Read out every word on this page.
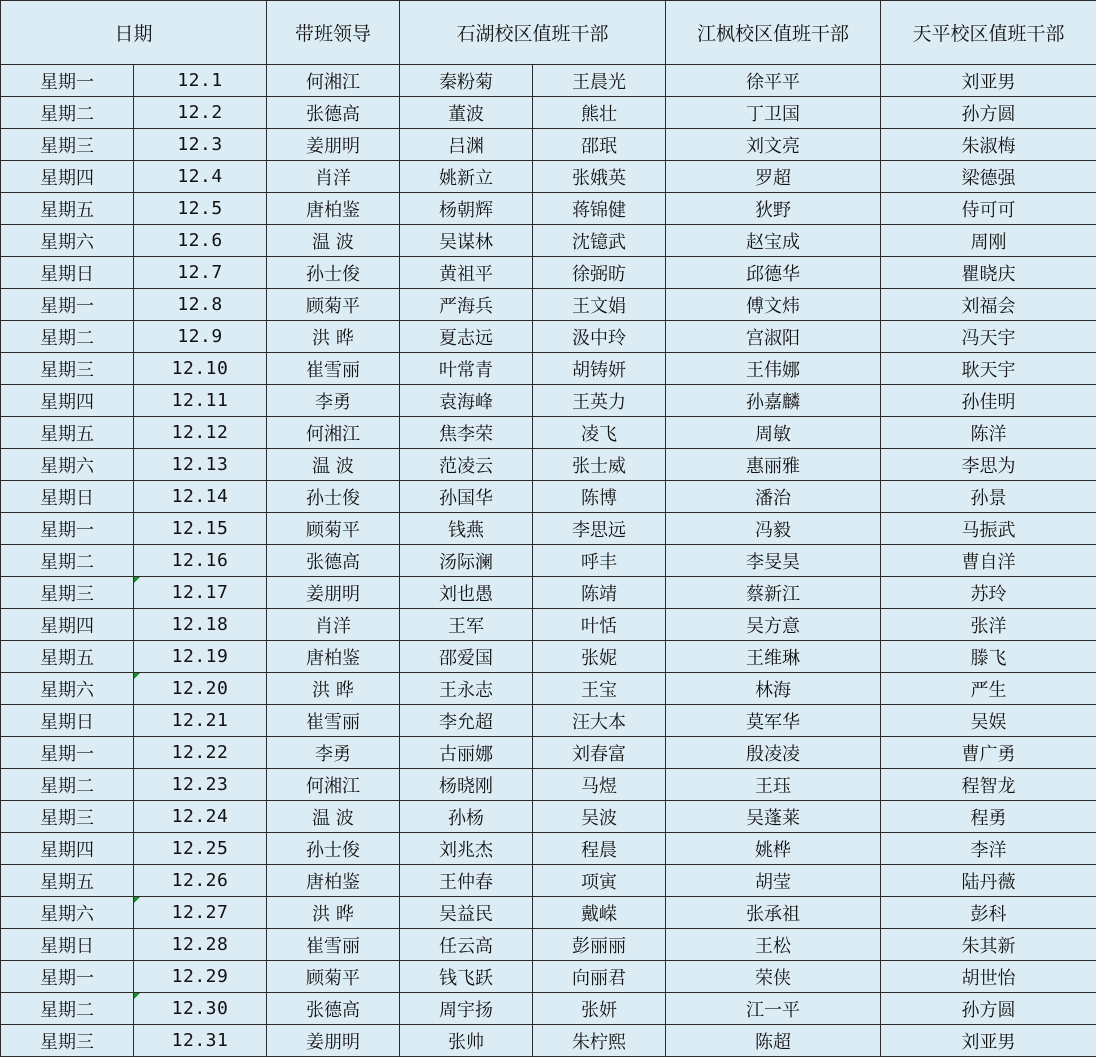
日期		带班领导	石湖校区值班干部		江枫校区值班干部	天平校区值班干部
星期一	12.1	何湘江	秦粉菊	王晨光	徐平平	刘亚男
星期二	12.2	张德高	董波	熊壮	丁卫国	孙方圆
星期三	12.3	姜朋明	吕渊	邵珉	刘文亮	朱淑梅
星期四	12.4	肖洋	姚新立	张娥英	罗超	梁德强
星期五	12.5	唐柏鉴	杨朝辉	蒋锦健	狄野	侍可可
星期六	12.6	温 波	吴谋林	沈镱武	赵宝成	周刚
星期日	12.7	孙士俊	黄祖平	徐弼昉	邱德华	瞿晓庆
星期一	12.8	顾菊平	严海兵	王文娟	傅文炜	刘福会
星期二	12.9	洪 晔	夏志远	汲中玲	宫淑阳	冯天宇
星期三	12.10	崔雪丽	叶常青	胡铸妍	王伟娜	耿天宇
星期四	12.11	李勇	袁海峰	王英力	孙嘉麟	孙佳明
星期五	12.12	何湘江	焦李荣	凌飞	周敏	陈洋
星期六	12.13	温 波	范凌云	张士威	惠丽雅	李思为
星期日	12.14	孙士俊	孙国华	陈博	潘治	孙景
星期一	12.15	顾菊平	钱燕	李思远	冯毅	马振武
星期二	12.16	张德高	汤际澜	呼丰	李旻昊	曹自洋
星期三	12.17	姜朋明	刘也愚	陈靖	蔡新江	苏玲
星期四	12.18	肖洋	王军	叶恬	吴方意	张洋
星期五	12.19	唐柏鉴	邵爱国	张妮	王维琳	滕飞
星期六	12.20	洪 晔	王永志	王宝	林海	严生
星期日	12.21	崔雪丽	李允超	汪大本	莫军华	吴娱
星期一	12.22	李勇	古丽娜	刘春富	殷凌凌	曹广勇
星期二	12.23	何湘江	杨晓刚	马煜	王珏	程智龙
星期三	12.24	温 波	孙杨	吴波	吴蓬莱	程勇
星期四	12.25	孙士俊	刘兆杰	程晨	姚桦	李洋
星期五	12.26	唐柏鉴	王仲春	项寅	胡莹	陆丹薇
星期六	12.27	洪 晔	吴益民	戴嵘	张承祖	彭科
星期日	12.28	崔雪丽	任云高	彭丽丽	王松	朱其新
星期一	12.29	顾菊平	钱飞跃	向丽君	荣侠	胡世怡
星期二	12.30	张德高	周宇扬	张妍	江一平	孙方圆
星期三	12.31	姜朋明	张帅	朱柠熙	陈超	刘亚男
